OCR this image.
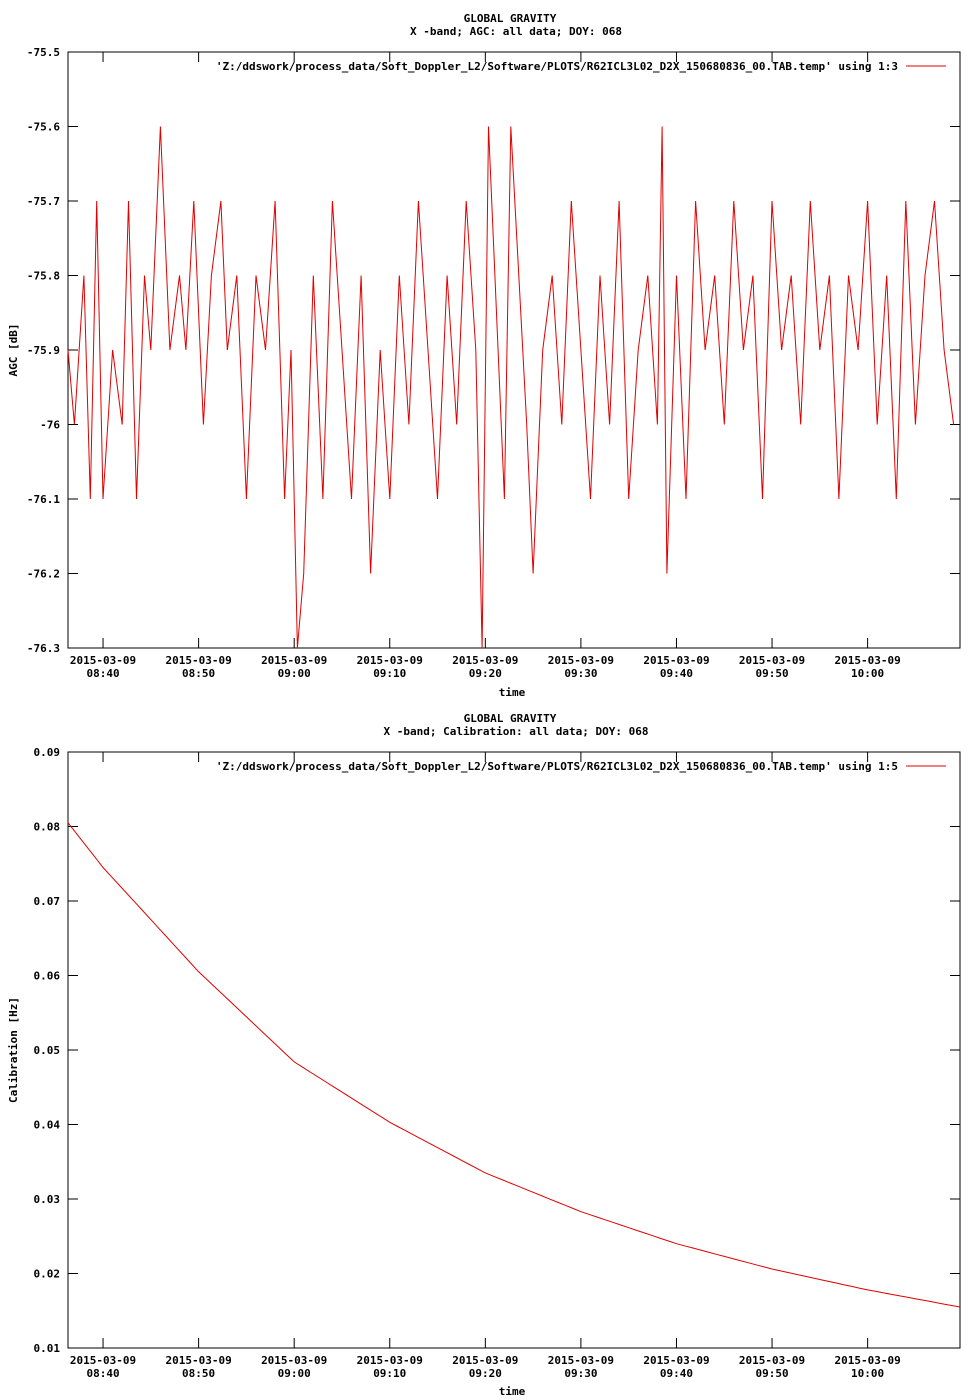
GLOBAL GRAVITY
X -band; AGC: all data; DOY: 068
-75.5
-75.6
-75.7
-75.8
-75.9
-76
-76.1
-76.2
-76.3
2015-03-09
08:40
2015-03-09
08:50
2015-03-09
09:00
2015-03-09
09:10
2015-03-09
09:20
2015-03-09
09:30
2015-03-09
09:40
2015-03-09
09:50
2015-03-09
10:00
time
AGC [dB]
'Z:/ddswork/process_data/Soft_Doppler_L2/Software/PLOTS/R62ICL3L02_D2X_150680836_00.TAB.temp' using 1:3
GLOBAL GRAVITY
X -band; Calibration: all data; DOY: 068
0.09
0.08
0.07
0.06
0.05
0.04
0.03
0.02
0.01
2015-03-09
08:40
2015-03-09
08:50
2015-03-09
09:00
2015-03-09
09:10
2015-03-09
09:20
2015-03-09
09:30
2015-03-09
09:40
2015-03-09
09:50
2015-03-09
10:00
time
Calibration [Hz]
'Z:/ddswork/process_data/Soft_Doppler_L2/Software/PLOTS/R62ICL3L02_D2X_150680836_00.TAB.temp' using 1:5
